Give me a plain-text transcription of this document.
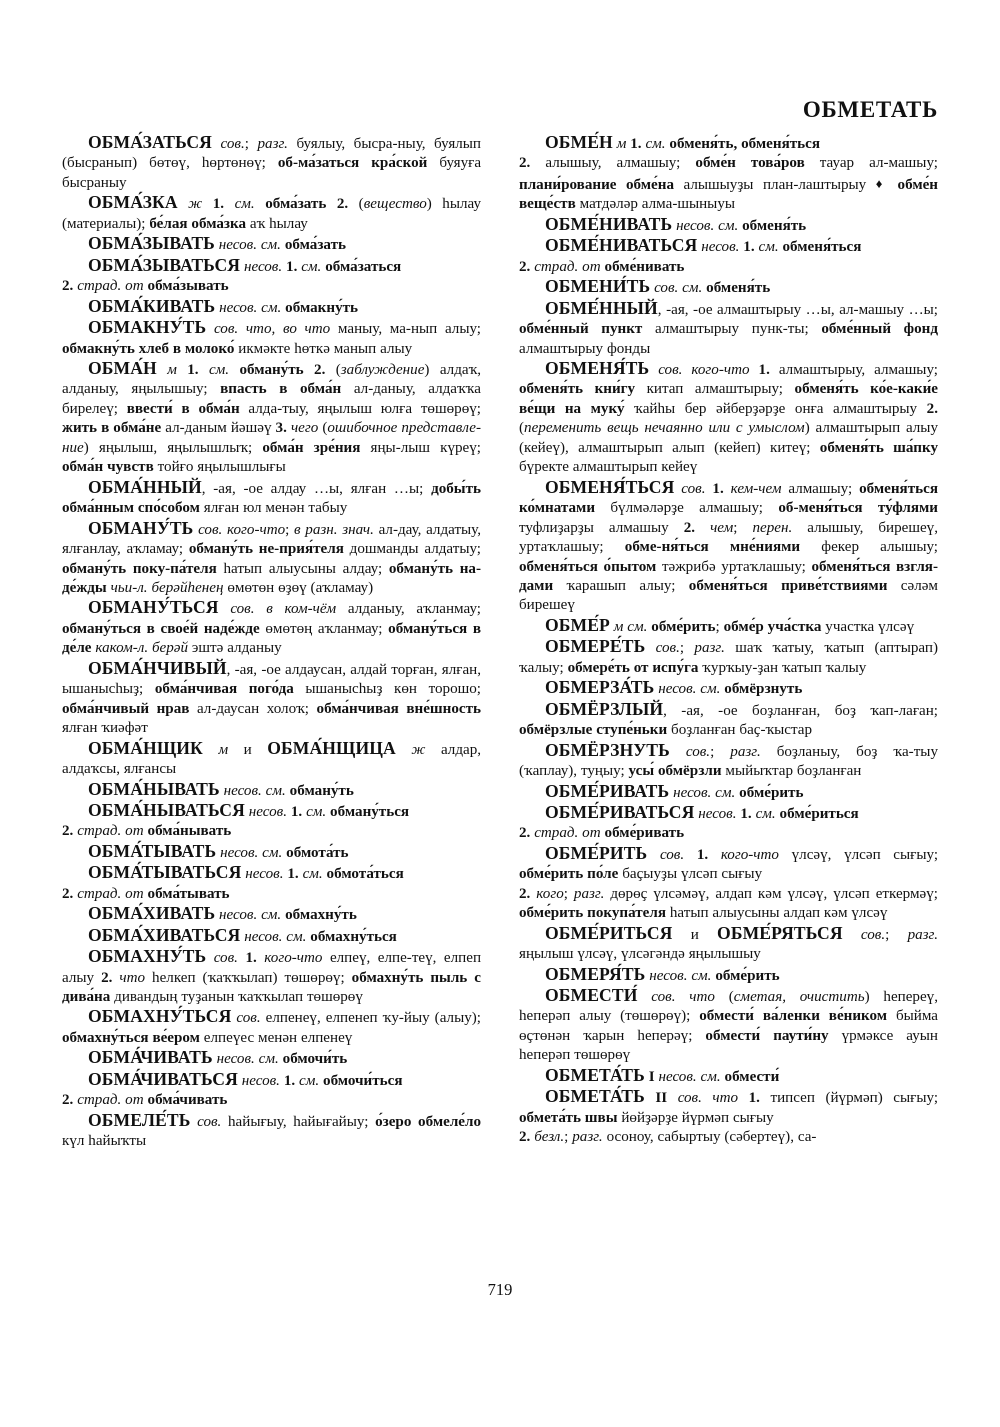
ОБМЕТАТЬ

ОБМА́ЗАТЬСЯ сов.; разг. буялыу, бысра-ныу, буялып (бысранып) бөтөү, һөртөнөү; об-ма́заться кра́ской буяуға бысраныу

ОБМА́ЗКА ж 1. см. обма́зать 2. (вещество) һылау (материалы); бе́лая обма́зка аҡ һылау

ОБМА́ЗЫВАТЬ несов. см. обма́зать

ОБМА́ЗЫВАТЬСЯ несов. 1. см. обма́заться

2. страд. от обма́зывать

ОБМА́КИВАТЬ несов. см. обмакну́ть

ОБМАКНУ́ТЬ сов. что, во что маныу, ма-нып алыу; обмакну́ть хлеб в молоко́ икмәкте һөткә манып алыу

ОБМА́Н м 1. см. обману́ть 2. (заблуждение) алдаҡ, алданыу, яңылышыу; впасть в обма́н ал-даныу, алдаҡҡа бирелеү; ввести́ в обма́н алда-тыу, яңылыш юлға төшөрөү; жить в обма́не ал-даным йәшәү 3. чего (ошибочное представле-ние) яңылыш, яңылышлыҡ; обма́н зре́ния яңы-лыш күреү; обма́н чувств тойғо яңылышлығы

ОБМА́ННЫЙ, -ая, -ое алдау …ы, ялған …ы; добы́ть обма́нным спо́собом ялған юл менән табыу

ОБМАНУ́ТЬ сов. кого-что; в разн. знач. ал-дау, алдатыу, ялғанлау, аҡламау; обману́ть не-прия́теля дошманды алдатыу; обману́ть поку-па́теля һатып алыусыны алдау; обману́ть на-де́жды чьи-л. берәйһенең өмөтөн өҙөү (аҡламау)

ОБМАНУ́ТЬСЯ сов. в ком-чём алданыу, аҡланмау; обману́ться в свое́й наде́жде өмөтөң аҡланмау; обману́ться в де́ле каком-л. берәй эштә алданыу

ОБМА́НЧИВЫЙ, -ая, -ое алдаусан, алдай торған, ялған, ышанысһыҙ; обма́нчивая пого́да ышанысһыҙ көн торошо; обма́нчивый нрав ал-даусан холоҡ; обма́нчивая вне́шность ялған ҡиәфәт

ОБМА́НЩИК м и ОБМА́НЩИЦА ж алдар, алдаҡсы, ялғансы

ОБМА́НЫВАТЬ несов. см. обману́ть

ОБМА́НЫВАТЬСЯ несов. 1. см. обману́ться

2. страд. от обма́нывать

ОБМА́ТЫВАТЬ несов. см. обмота́ть

ОБМА́ТЫВАТЬСЯ несов. 1. см. обмота́ться

2. страд. от обма́тывать

ОБМА́ХИВАТЬ несов. см. обмахну́ть

ОБМА́ХИВАТЬСЯ несов. см. обмахну́ться

ОБМАХНУ́ТЬ сов. 1. кого-что елпеү, елпе-теү, елпеп алыу 2. что һелкеп (ҡаҡҡылап) төшөрөү; обмахну́ть пыль с дива́на дивандың туҙанын ҡаҡҡылап төшөрөү

ОБМАХНУ́ТЬСЯ сов. елпенеү, елпенеп ҡу-йыу (алыу); обмахну́ться ве́ером елпеүес менән елпенеү

ОБМА́ЧИВАТЬ несов. см. обмочи́ть

ОБМА́ЧИВАТЬСЯ несов. 1. см. обмочи́ться

2. страд. от обма́чивать

ОБМЕЛЕ́ТЬ сов. һайығыу, һайығайыу; о́зеро обмеле́ло күл һайыҡты

ОБМЕ́Н м 1. см. обменя́ть, обменя́ться

2. алышыу, алмашыу; обме́н това́ров тауар ал-машыу; плани́рование обме́на алышыуҙы план-лаштырыу ♦ обме́н веще́ств матдәләр алма-шыныуы

ОБМЕ́НИВАТЬ несов. см. обменя́ть

ОБМЕ́НИВАТЬСЯ несов. 1. см. обменя́ться

2. страд. от обме́нивать

ОБМЕНИ́ТЬ сов. см. обменя́ть

ОБМЕ́ННЫЙ, -ая, -ое алмаштырыу …ы, ал-машыу …ы; обме́нный пункт алмаштырыу пунк-ты; обме́нный фонд алмаштырыу фонды

ОБМЕНЯ́ТЬ сов. кого-что 1. алмаштырыу, алмашыу; обменя́ть кни́гу китап алмаштырыу; обменя́ть ко́е-каки́е ве́щи на муку́ ҡайһы бер әйберҙәрҙе онға алмаштырыу 2. (переменить вещь нечаянно или с умыслом) алмаштырып алыу (кейеү), алмаштырып алып (кейеп) китеү; обменя́ть ша́пку бүректе алмаштырып кейеү

ОБМЕНЯ́ТЬСЯ сов. 1. кем-чем алмашыу; обменя́ться ко́мнатами бүлмәләрҙе алмашыу; об-меня́ться ту́флями туфлиҙарҙы алмашыу 2. чем; перен. алышыу, бирешеү, уртаҡлашыу; обме-ня́ться мне́ниями фекер алышыу; обменя́ться о́пытом тәжрибә уртаҡлашыу; обменя́ться взгля-дами ҡарашып алыу; обменя́ться приве́тствиями сәләм бирешеү

ОБМЕ́Р м см. обме́рить; обме́р уча́стка участка үлсәү

ОБМЕРЕ́ТЬ сов.; разг. шаҡ ҡатыу, ҡатып (аптырап) ҡалыу; обмере́ть от испу́га ҡурҡыу-ҙан ҡатып ҡалыу

ОБМЕРЗА́ТЬ несов. см. обмёрзнуть

ОБМЁРЗЛЫЙ, -ая, -ое боҙланған, боҙ ҡап-лаған; обмёрзлые ступе́ньки боҙланған баҫ-ҡыстар

ОБМЁРЗНУТЬ сов.; разг. боҙланыу, боҙ ҡа-тыу (ҡаплау), туңыу; усы́ обмёрзли мыйыҡтар боҙланған

ОБМЕ́РИВАТЬ несов. см. обме́рить

ОБМЕ́РИВАТЬСЯ несов. 1. см. обме́риться

2. страд. от обме́ривать

ОБМЕ́РИТЬ сов. 1. кого-что үлсәү, үлсәп сығыу; обме́рить по́ле баҫыуҙы үлсәп сығыу

2. кого; разг. дөрөҫ үлсәмәү, алдап кәм үлсәү, үлсәп еткермәү; обме́рить покупа́теля һатып алыусыны алдап кәм үлсәү

ОБМЕ́РИТЬСЯ и ОБМЕ́РЯТЬСЯ сов.; разг. яңылыш үлсәү, үлсәгәндә яңылышыу

ОБМЕРЯ́ТЬ несов. см. обме́рить

ОБМЕСТИ́ сов. что (сметая, очистить) һепереү, һеперәп алыу (төшөрөү); обмести́ ва́ленки ве́ником быйма өҫтөнән ҡарын һеперәү; обмести́ паути́ну үрмәксе ауын һеперәп төшөрөү

ОБМЕТА́ТЬ I несов. см. обмести́

ОБМЕТА́ТЬ II сов. что 1. типсеп (йүрмәп) сығыу; обмета́ть швы йөйҙәрҙе йүрмәп сығыу

2. безл.; разг. осоноу, сабыртыу (сәбертеү), са-

719
